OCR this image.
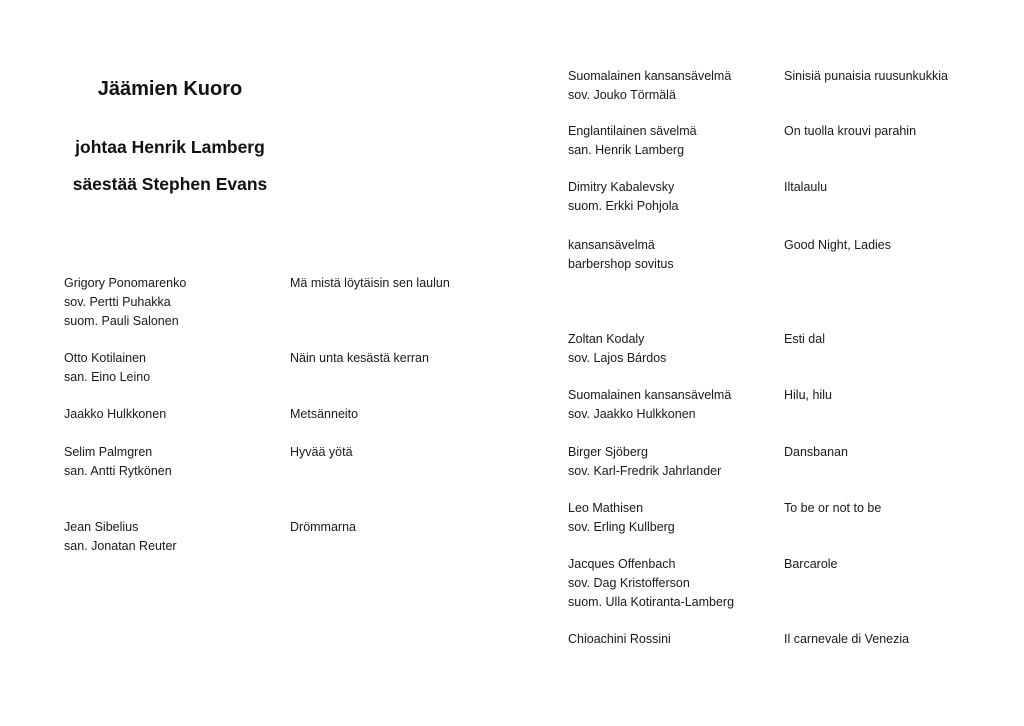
Jäämien Kuoro
johtaa Henrik Lamberg
säestää Stephen Evans
Grigory Ponomarenko
sov. Pertti Puhakka
suom. Pauli Salonen
Mä mistä löytäisin sen laulun
Otto Kotilainen
san. Eino Leino
Näin unta kesästä kerran
Jaakko Hulkkonen	Metsänneito
Selim Palmgren
san. Antti Rytkönen
Hyvää yötä
Jean Sibelius
san. Jonatan Reuter
Drömmarna
Suomalainen kansansävelmä
sov. Jouko Törmälä
Sinisiä punaisia ruusunkukkia
Englantilainen sävelmä
san. Henrik Lamberg
On tuolla krouvi parahin
Dimitry Kabalevsky
suom. Erkki Pohjola
Iltalaulu
kansansävelmä
barbershop sovitus
Good Night, Ladies
Zoltan Kodaly
sov. Lajos Bárdos
Esti dal
Suomalainen kansansävelmä
sov. Jaakko Hulkkonen
Hilu, hilu
Birger Sjöberg
sov. Karl-Fredrik Jahrlander
Dansbanan
Leo Mathisen
sov. Erling Kullberg
To be or not to be
Jacques Offenbach
sov. Dag Kristofferson
suom. Ulla Kotiranta-Lamberg
Barcarole
Chioachini Rossini	Il carnevale di Venezia
